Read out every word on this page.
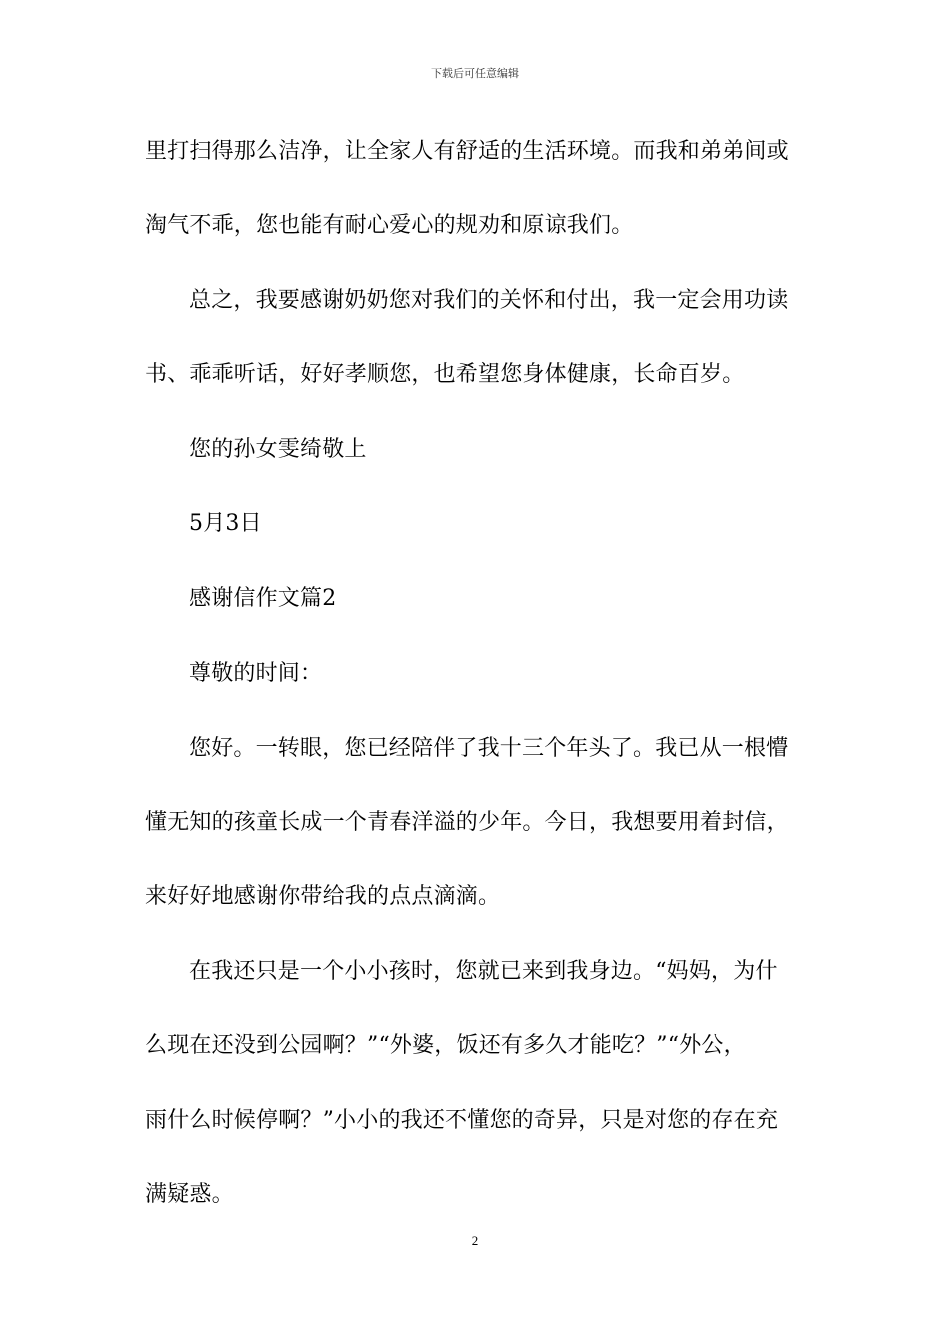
下载后可任意编辑
里打扫得那么洁净，让全家人有舒适的生活环境。而我和弟弟间或
淘气不乖，您也能有耐心爱心的规劝和原谅我们。
总之，我要感谢奶奶您对我们的关怀和付出，我一定会用功读
书、乖乖听话，好好孝顺您，也希望您身体健康，长命百岁。
您的孙女雯绮敬上
5月3日
感谢信作文篇2
尊敬的时间：
您好。一转眼，您已经陪伴了我十三个年头了。我已从一根懵
懂无知的孩童长成一个青春洋溢的少年。今日，我想要用着封信，
来好好地感谢你带给我的点点滴滴。
在我还只是一个小小孩时，您就已来到我身边。“妈妈，为什
么现在还没到公园啊？”“外婆，饭还有多久才能吃？”“外公，
雨什么时候停啊？”小小的我还不懂您的奇异，只是对您的存在充
满疑惑。
2
